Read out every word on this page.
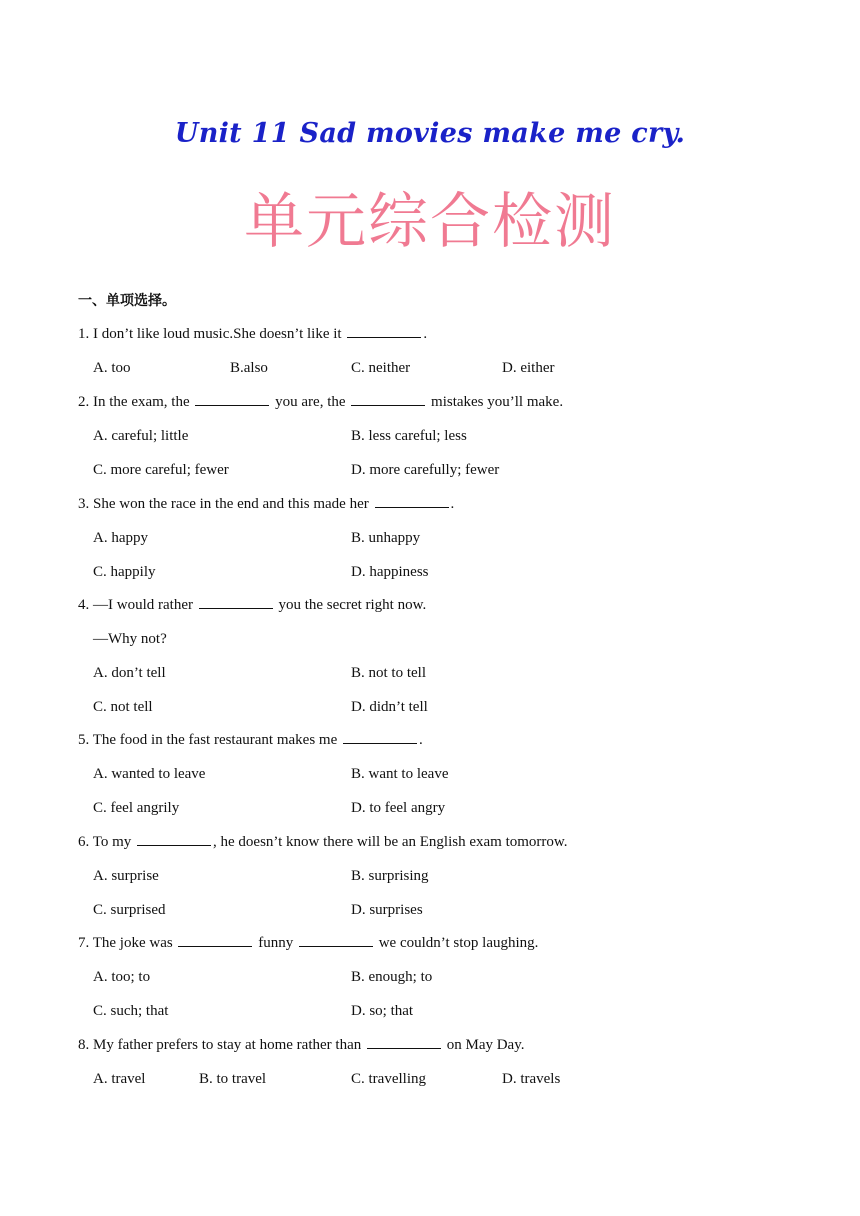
Unit 11 Sad movies make me cry.
单元综合检测
一、单项选择。
1. I don’t like loud music.She doesn’t like it	.
A. too	B.also	C. neither	D. either
2. In the exam, the	you are, the	mistakes you’ll make.
A. careful; little	B. less careful; less
C. more careful; fewer	D. more carefully; fewer
3. She won the race in the end and this made her	.
A. happy	B. unhappy
C. happily	D. happiness
4. —I would rather	you the secret right now.
—Why not?
A. don’t tell	B. not to tell
C. not tell	D. didn’t tell
5. The food in the fast restaurant makes me	.
A. wanted to leave	B. want to leave
C. feel angrily	D. to feel angry
6. To my	, he doesn’t know there will be an English exam tomorrow.
A. surprise	B. surprising
C. surprised	D. surprises
7. The joke was	funny	we couldn’t stop laughing.
A. too; to	B. enough; to
C. such; that	D. so; that
8. My father prefers to stay at home rather than	on May Day.
A. travel	B. to travel	C. travelling	D. travels
